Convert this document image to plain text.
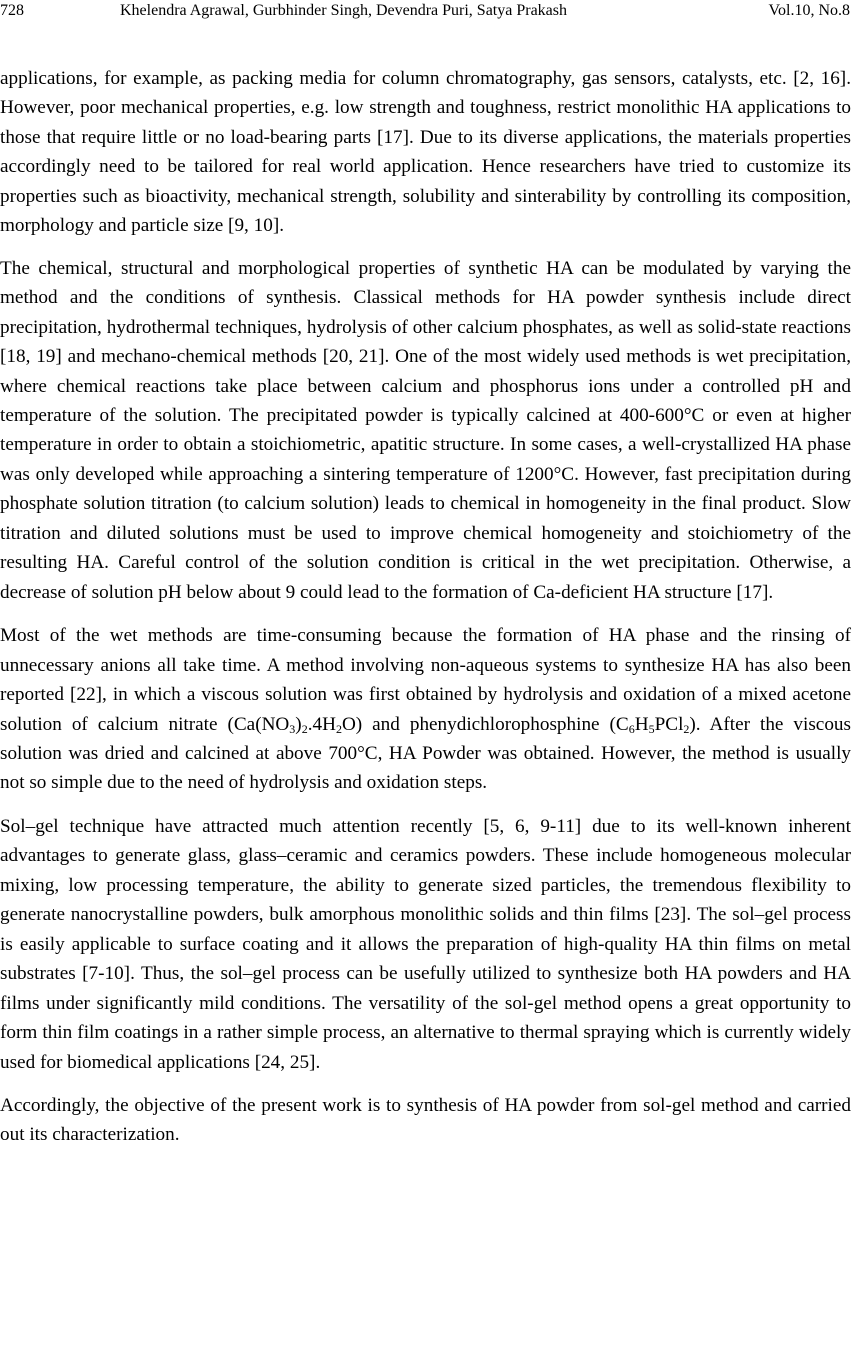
728	Khelendra Agrawal, Gurbhinder Singh, Devendra Puri, Satya Prakash	Vol.10, No.8

applications, for example, as packing media for column chromatography, gas sensors, catalysts, etc. [2, 16]. However, poor mechanical properties, e.g. low strength and toughness, restrict monolithic HA applications to those that require little or no load-bearing parts [17]. Due to its diverse applications, the materials properties accordingly need to be tailored for real world application. Hence researchers have tried to customize its properties such as bioactivity, mechanical strength, solubility and sinterability by controlling its composition, morphology and particle size [9, 10].

The chemical, structural and morphological properties of synthetic HA can be modulated by varying the method and the conditions of synthesis. Classical methods for HA powder synthesis include direct precipitation, hydrothermal techniques, hydrolysis of other calcium phosphates, as well as solid-state reactions [18, 19] and mechano-chemical methods [20, 21]. One of the most widely used methods is wet precipitation, where chemical reactions take place between calcium and phosphorus ions under a controlled pH and temperature of the solution. The precipitated powder is typically calcined at 400-600°C or even at higher temperature in order to obtain a stoichiometric, apatitic structure. In some cases, a well-crystallized HA phase was only developed while approaching a sintering temperature of 1200°C. However, fast precipitation during phosphate solution titration (to calcium solution) leads to chemical in homogeneity in the final product. Slow titration and diluted solutions must be used to improve chemical homogeneity and stoichiometry of the resulting HA. Careful control of the solution condition is critical in the wet precipitation. Otherwise, a decrease of solution pH below about 9 could lead to the formation of Ca-deficient HA structure [17].

Most of the wet methods are time-consuming because the formation of HA phase and the rinsing of unnecessary anions all take time. A method involving non-aqueous systems to synthesize HA has also been reported [22], in which a viscous solution was first obtained by hydrolysis and oxidation of a mixed acetone solution of calcium nitrate $(Ca(NO_3)_2.4H_2O)$ and phenydichlorophosphine $(C_6H_5PCl_2)$. After the viscous solution was dried and calcined at above 700°C, HA Powder was obtained. However, the method is usually not so simple due to the need of hydrolysis and oxidation steps.

Sol–gel technique have attracted much attention recently [5, 6, 9-11] due to its well-known inherent advantages to generate glass, glass–ceramic and ceramics powders. These include homogeneous molecular mixing, low processing temperature, the ability to generate sized particles, the tremendous flexibility to generate nanocrystalline powders, bulk amorphous monolithic solids and thin films [23]. The sol–gel process is easily applicable to surface coating and it allows the preparation of high-quality HA thin films on metal substrates [7-10]. Thus, the sol–gel process can be usefully utilized to synthesize both HA powders and HA films under significantly mild conditions. The versatility of the sol-gel method opens a great opportunity to form thin film coatings in a rather simple process, an alternative to thermal spraying which is currently widely used for biomedical applications [24, 25].

Accordingly, the objective of the present work is to synthesis of HA powder from sol-gel method and carried out its characterization.
